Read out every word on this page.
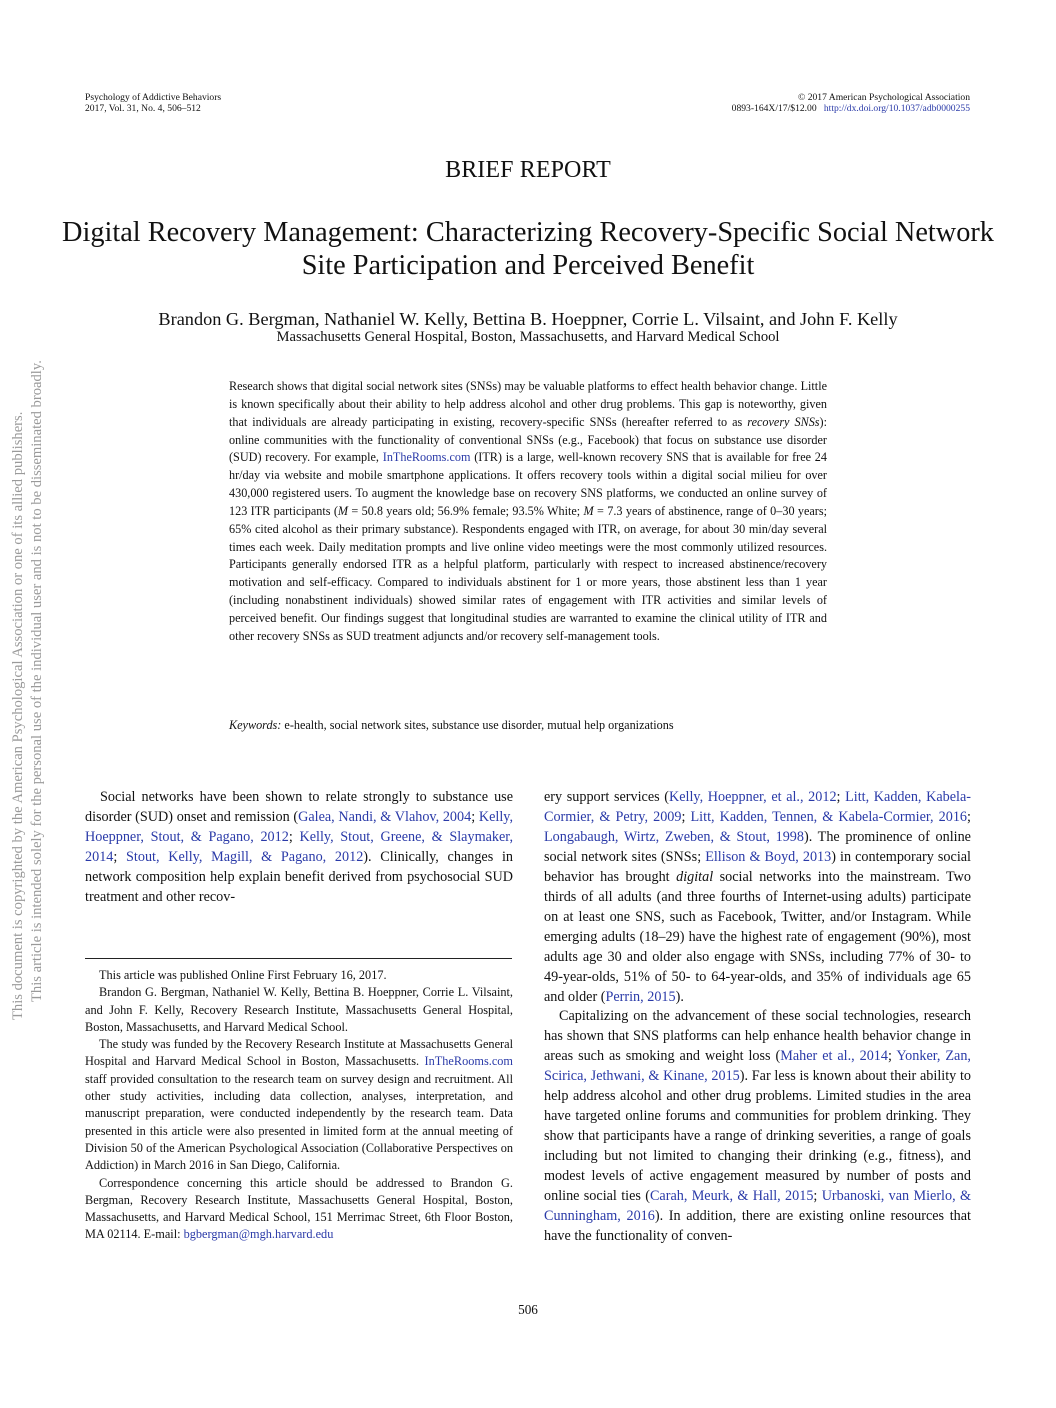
This document is copyrighted by the American Psychological Association or one of its allied publishers. This article is intended solely for the personal use of the individual user and is not to be disseminated broadly.
Psychology of Addictive Behaviors
2017, Vol. 31, No. 4, 506–512
© 2017 American Psychological Association
0893-164X/17/$12.00 http://dx.doi.org/10.1037/adb0000255
BRIEF REPORT
Digital Recovery Management: Characterizing Recovery-Specific Social Network Site Participation and Perceived Benefit
Brandon G. Bergman, Nathaniel W. Kelly, Bettina B. Hoeppner, Corrie L. Vilsaint, and John F. Kelly
Massachusetts General Hospital, Boston, Massachusetts, and Harvard Medical School

Research shows that digital social network sites (SNSs) may be valuable platforms to effect health behavior change. Little is known specifically about their ability to help address alcohol and other drug problems. This gap is noteworthy, given that individuals are already participating in existing, recovery-specific SNSs (hereafter referred to as recovery SNSs): online communities with the functionality of conventional SNSs (e.g., Facebook) that focus on substance use disorder (SUD) recovery. For example, InTheRooms.com (ITR) is a large, well-known recovery SNS that is available for free 24 hr/day via website and mobile smartphone applications. It offers recovery tools within a digital social milieu for over 430,000 registered users. To augment the knowledge base on recovery SNS platforms, we conducted an online survey of 123 ITR participants (M = 50.8 years old; 56.9% female; 93.5% White; M = 7.3 years of abstinence, range of 0–30 years; 65% cited alcohol as their primary substance). Respondents engaged with ITR, on average, for about 30 min/day several times each week. Daily meditation prompts and live online video meetings were the most commonly utilized resources. Participants generally endorsed ITR as a helpful platform, particularly with respect to increased abstinence/recovery motivation and self-efficacy. Compared to individuals abstinent for 1 or more years, those abstinent less than 1 year (including nonabstinent individuals) showed similar rates of engagement with ITR activities and similar levels of perceived benefit. Our findings suggest that longitudinal studies are warranted to examine the clinical utility of ITR and other recovery SNSs as SUD treatment adjuncts and/or recovery self-management tools.

Keywords: e-health, social network sites, substance use disorder, mutual help organizations

Social networks have been shown to relate strongly to substance use disorder (SUD) onset and remission (Galea, Nandi, & Vlahov, 2004; Kelly, Hoeppner, Stout, & Pagano, 2012; Kelly, Stout, Greene, & Slaymaker, 2014; Stout, Kelly, Magill, & Pagano, 2012). Clinically, changes in network composition help explain benefit derived from psychosocial SUD treatment and other recov-

This article was published Online First February 16, 2017.

Brandon G. Bergman, Nathaniel W. Kelly, Bettina B. Hoeppner, Corrie L. Vilsaint, and John F. Kelly, Recovery Research Institute, Massachusetts General Hospital, Boston, Massachusetts, and Harvard Medical School.

The study was funded by the Recovery Research Institute at Massachusetts General Hospital and Harvard Medical School in Boston, Massachusetts. InTheRooms.com staff provided consultation to the research team on survey design and recruitment. All other study activities, including data collection, analyses, interpretation, and manuscript preparation, were conducted independently by the research team. Data presented in this article were also presented in limited form at the annual meeting of Division 50 of the American Psychological Association (Collaborative Perspectives on Addiction) in March 2016 in San Diego, California.

Correspondence concerning this article should be addressed to Brandon G. Bergman, Recovery Research Institute, Massachusetts General Hospital, Boston, Massachusetts, and Harvard Medical School, 151 Merrimac Street, 6th Floor Boston, MA 02114. E-mail: bgbergman@mgh.harvard.edu

ery support services (Kelly, Hoeppner, et al., 2012; Litt, Kadden, Kabela-Cormier, & Petry, 2009; Litt, Kadden, Tennen, & Kabela-Cormier, 2016; Longabaugh, Wirtz, Zweben, & Stout, 1998). The prominence of online social network sites (SNSs; Ellison & Boyd, 2013) in contemporary social behavior has brought digital social networks into the mainstream. Two thirds of all adults (and three fourths of Internet-using adults) participate on at least one SNS, such as Facebook, Twitter, and/or Instagram. While emerging adults (18–29) have the highest rate of engagement (90%), most adults age 30 and older also engage with SNSs, including 77% of 30- to 49-year-olds, 51% of 50- to 64-year-olds, and 35% of individuals age 65 and older (Perrin, 2015).

Capitalizing on the advancement of these social technologies, research has shown that SNS platforms can help enhance health behavior change in areas such as smoking and weight loss (Maher et al., 2014; Yonker, Zan, Scirica, Jethwani, & Kinane, 2015). Far less is known about their ability to help address alcohol and other drug problems. Limited studies in the area have targeted online forums and communities for problem drinking. They show that participants have a range of drinking severities, a range of goals including but not limited to changing their drinking (e.g., fitness), and modest levels of active engagement measured by number of posts and online social ties (Carah, Meurk, & Hall, 2015; Urbanoski, van Mierlo, & Cunningham, 2016). In addition, there are existing online resources that have the functionality of conven-

506
